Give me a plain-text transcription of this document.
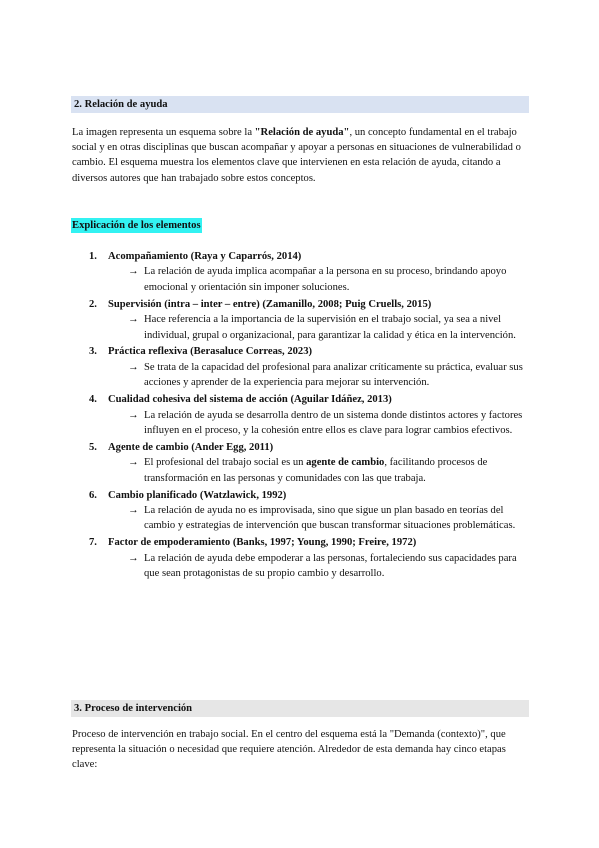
2. Relación de ayuda

La imagen representa un esquema sobre la "Relación de ayuda", un concepto fundamental en el trabajo social y en otras disciplinas que buscan acompañar y apoyar a personas en situaciones de vulnerabilidad o cambio. El esquema muestra los elementos clave que intervienen en esta relación de ayuda, citando a diversos autores que han trabajado sobre estos conceptos.

Explicación de los elementos
1. Acompañamiento (Raya y Caparrós, 2014)
→ La relación de ayuda implica acompañar a la persona en su proceso, brindando apoyo emocional y orientación sin imponer soluciones.
2. Supervisión (intra – inter – entre) (Zamanillo, 2008; Puig Cruells, 2015)
→ Hace referencia a la importancia de la supervisión en el trabajo social, ya sea a nivel individual, grupal o organizacional, para garantizar la calidad y ética en la intervención.
3. Práctica reflexiva (Berasaluce Correas, 2023)
→ Se trata de la capacidad del profesional para analizar críticamente su práctica, evaluar sus acciones y aprender de la experiencia para mejorar su intervención.
4. Cualidad cohesiva del sistema de acción (Aguilar Idáñez, 2013)
→ La relación de ayuda se desarrolla dentro de un sistema donde distintos actores y factores influyen en el proceso, y la cohesión entre ellos es clave para lograr cambios efectivos.
5. Agente de cambio (Ander Egg, 2011)
→ El profesional del trabajo social es un agente de cambio, facilitando procesos de transformación en las personas y comunidades con las que trabaja.
6. Cambio planificado (Watzlawick, 1992)
→ La relación de ayuda no es improvisada, sino que sigue un plan basado en teorías del cambio y estrategias de intervención que buscan transformar situaciones problemáticas.
7. Factor de empoderamiento (Banks, 1997; Young, 1990; Freire, 1972)
→ La relación de ayuda debe empoderar a las personas, fortaleciendo sus capacidades para que sean protagonistas de su propio cambio y desarrollo.
3. Proceso de intervención

Proceso de intervención en trabajo social. En el centro del esquema está la "Demanda (contexto)", que representa la situación o necesidad que requiere atención. Alrededor de esta demanda hay cinco etapas clave:
